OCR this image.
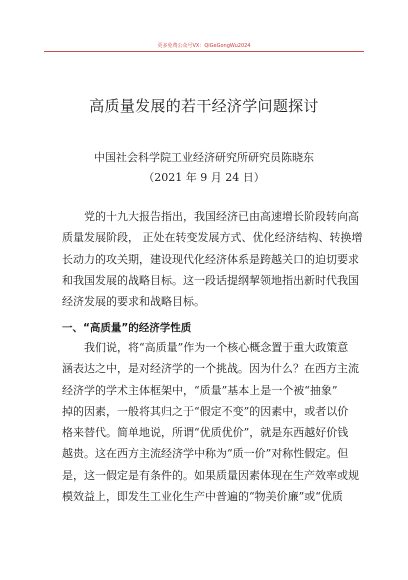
更多免费公众号VX：QiGeGongWu2024
高质量发展的若干经济学问题探讨
中国社会科学院工业经济研究所研究员陈晓东
（2021 年 9 月 24 日）
党的十九大报告指出，我国经济已由高速增长阶段转向高
质量发展阶段， 正处在转变发展方式、优化经济结构、转换增
长动力的攻关期，建设现代化经济体系是跨越关口的迫切要求
和我国发展的战略目标。这一段话提纲挈领地指出新时代我国
经济发展的要求和战略目标。
一、“高质量”的经济学性质
我们说，将“高质量”作为一个核心概念置于重大政策意
涵表达之中，是对经济学的一个挑战。因为什么？在西方主流
经济学的学术主体框架中，“质量”基本上是一个被“抽象”
掉的因素，一般将其归之于“假定不变”的因素中，或者以价
格来替代。简单地说，所谓“优质优价”，就是东西越好价钱
越贵。这在西方主流经济学中称为“质一价”对称性假定。但
是，这一假定是有条件的。如果质量因素体现在生产效率或规
模效益上，即发生工业化生产中普遍的“物美价廉”或“优质
